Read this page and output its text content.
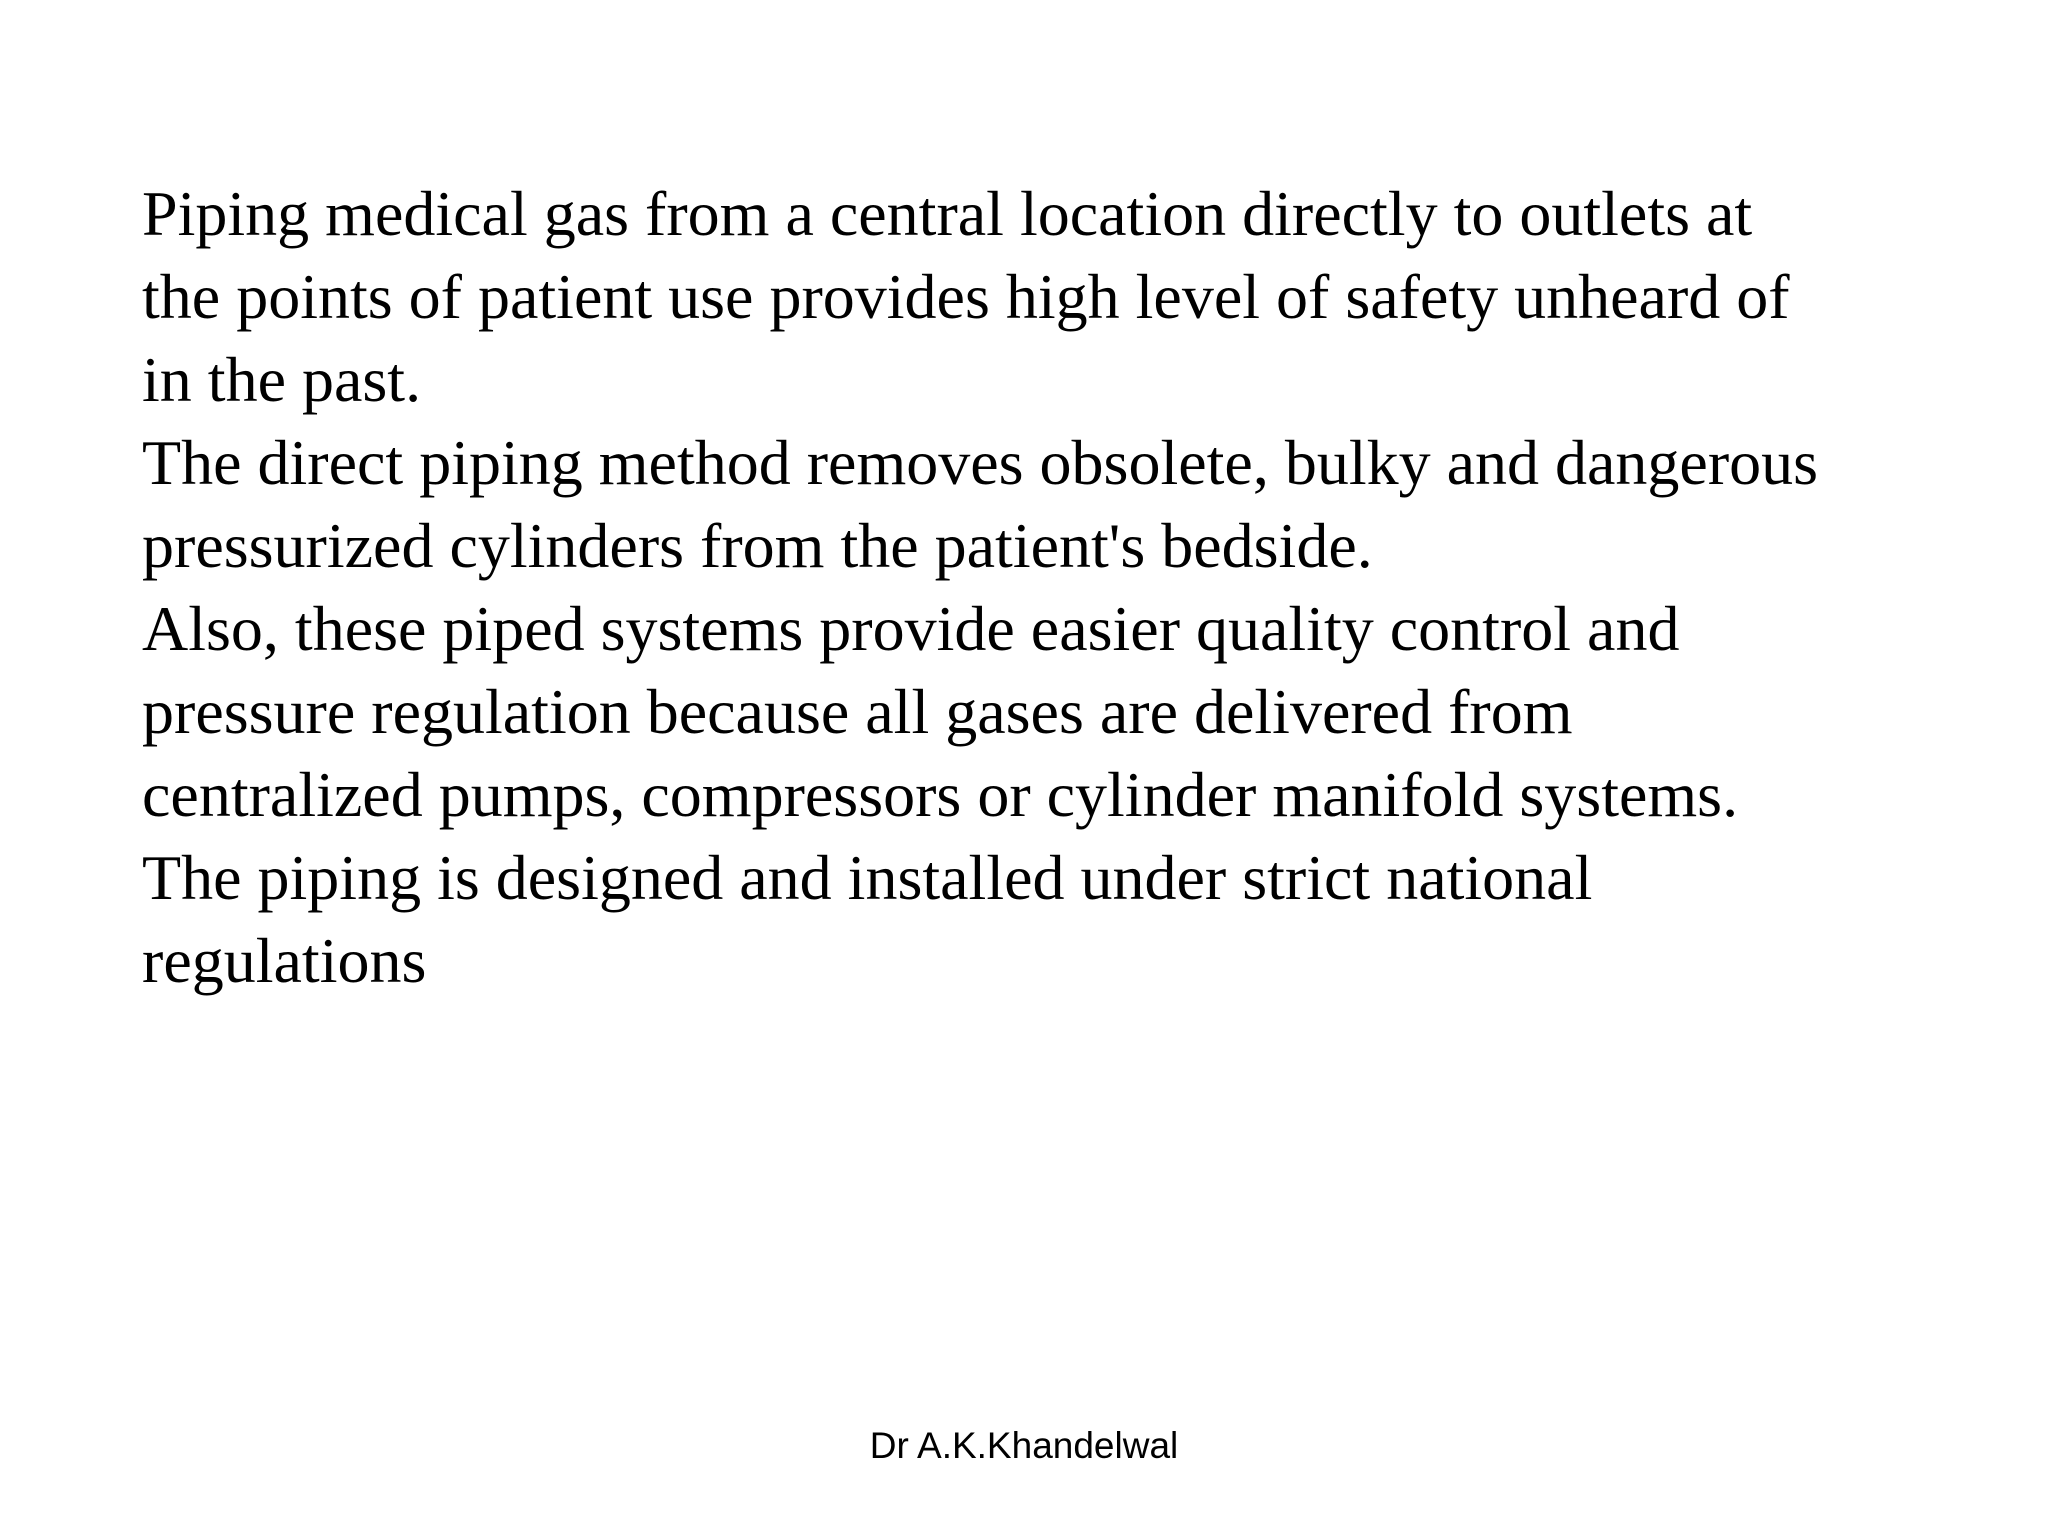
Piping medical gas from a central location directly to outlets at
the points of patient use provides high level of safety unheard of
in the past.

The direct piping method removes obsolete, bulky and dangerous
pressurized cylinders from the patient's bedside.

Also, these piped systems provide easier quality control and
pressure regulation because all gases are delivered from
centralized pumps, compressors or cylinder manifold systems.

The piping is designed and installed under strict national
regulations

Dr A.K.Khandelwal
